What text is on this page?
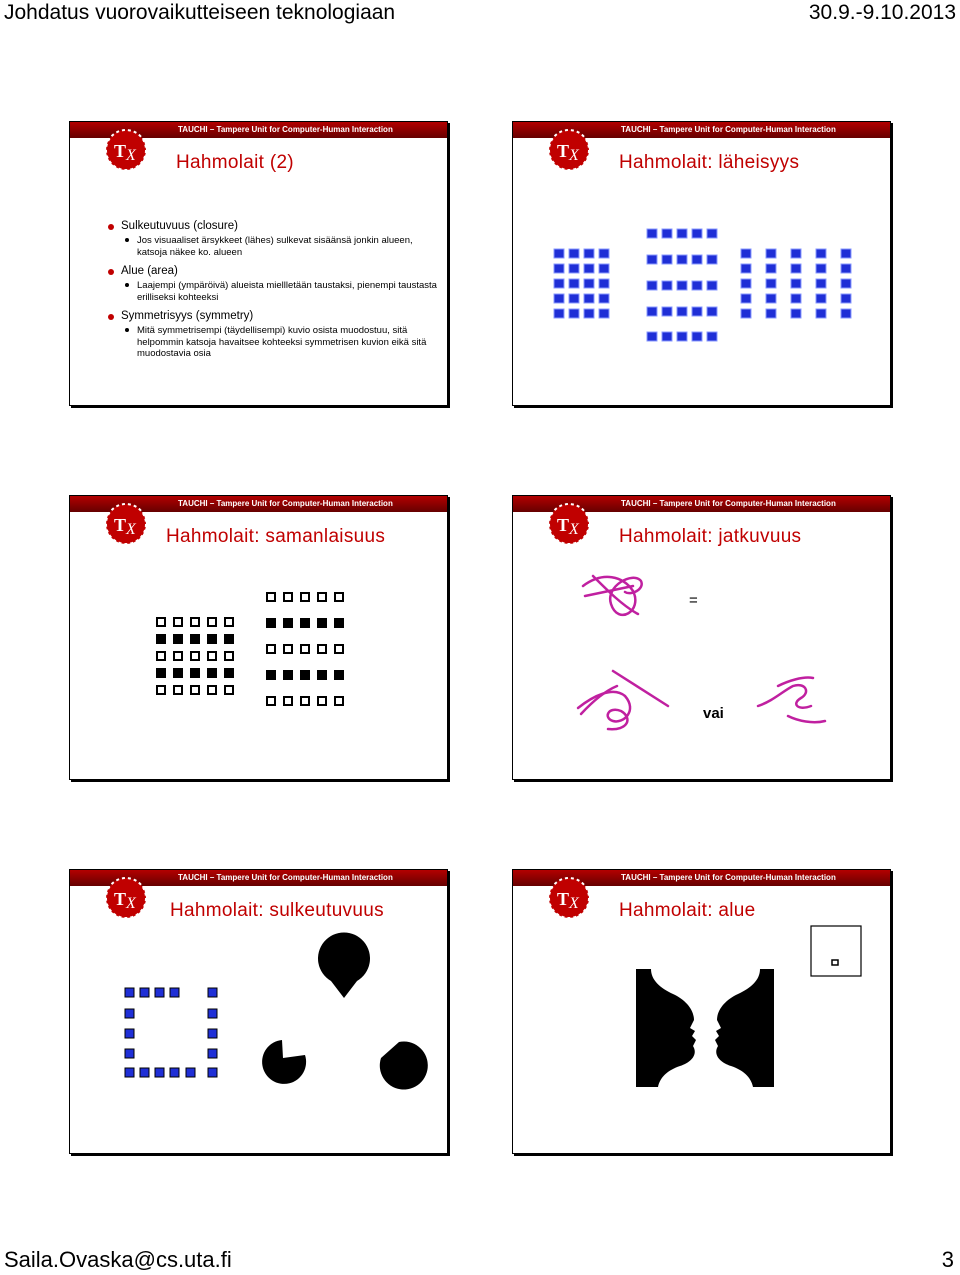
Johdatus vuorovaikutteiseen teknologiaan	30.9.-9.10.2013
TAUCHI – Tampere Unit for Computer-Human Interaction
T X Hahmolait (2)
Sulkeutuvuus (closure)
Jos visuaaliset ärsykkeet (lähes) sulkevat sisäänsä jonkin alueen, katsoja näkee ko. alueen
Alue (area)
Laajempi (ympäröivä) alueista miellletään taustaksi, pienempi taustasta erilliseksi kohteeksi
Symmetrisyys (symmetry)
Mitä symmetrisempi (täydellisempi) kuvio osista muodostuu, sitä helpommin katsoja havaitsee kohteeksi symmetrisen kuvion eikä sitä muodostavia osia
TAUCHI – Tampere Unit for Computer-Human Interaction
T X Hahmolait: läheisyys
TAUCHI – Tampere Unit for Computer-Human Interaction
T X Hahmolait: samanlaisuus
TAUCHI – Tampere Unit for Computer-Human Interaction
T X Hahmolait: jatkuvuus
=
vai
TAUCHI – Tampere Unit for Computer-Human Interaction
T X Hahmolait: sulkeutuvuus
TAUCHI – Tampere Unit for Computer-Human Interaction
T X Hahmolait: alue
Saila.Ovaska@cs.uta.fi	3
